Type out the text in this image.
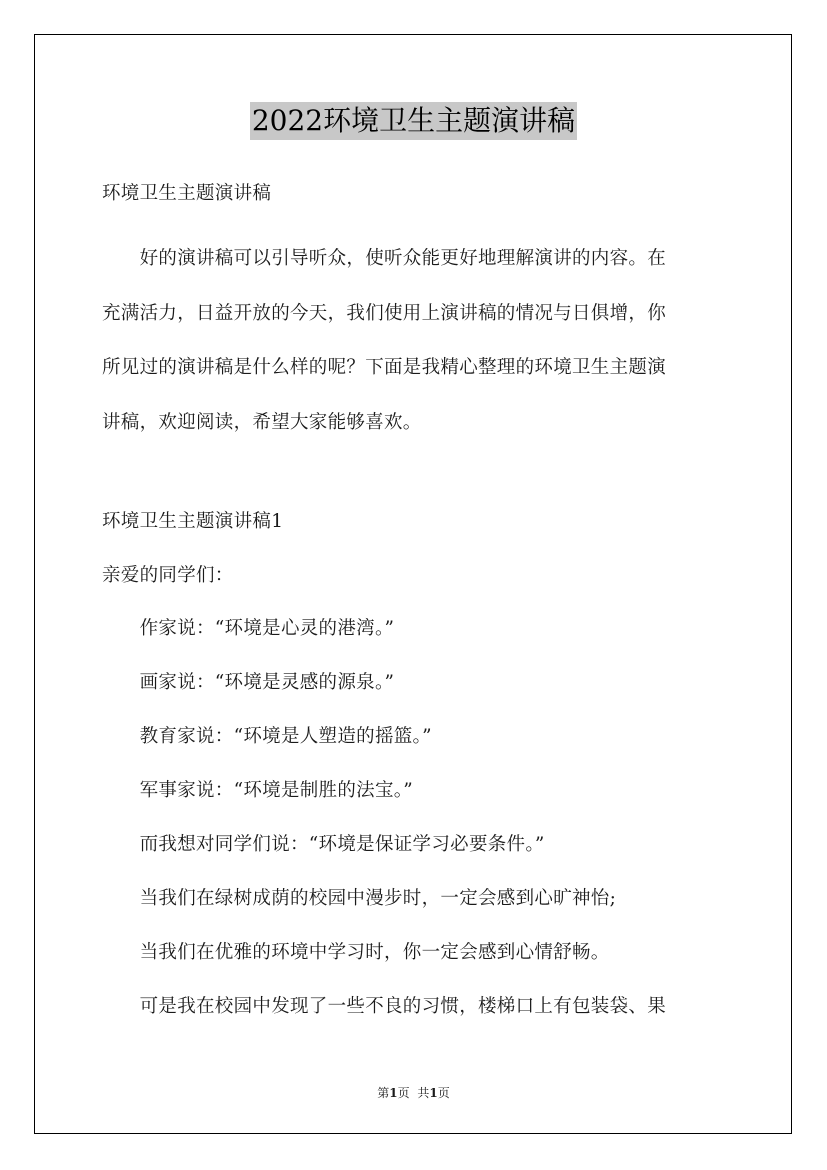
2022环境卫生主题演讲稿
环境卫生主题演讲稿
　　好的演讲稿可以引导听众，使听众能更好地理解演讲的内容。在
充满活力，日益开放的今天，我们使用上演讲稿的情况与日俱增，你
所见过的演讲稿是什么样的呢？下面是我精心整理的环境卫生主题演
讲稿，欢迎阅读，希望大家能够喜欢。
环境卫生主题演讲稿1
亲爱的同学们：
　　作家说：“环境是心灵的港湾。”
　　画家说：“环境是灵感的源泉。”
　　教育家说：“环境是人塑造的摇篮。”
　　军事家说：“环境是制胜的法宝。”
　　而我想对同学们说：“环境是保证学习必要条件。”
　　当我们在绿树成荫的校园中漫步时，一定会感到心旷神怡;
　　当我们在优雅的环境中学习时，你一定会感到心情舒畅。
　　可是我在校园中发现了一些不良的习惯，楼梯口上有包装袋、果
第1页 共1页
